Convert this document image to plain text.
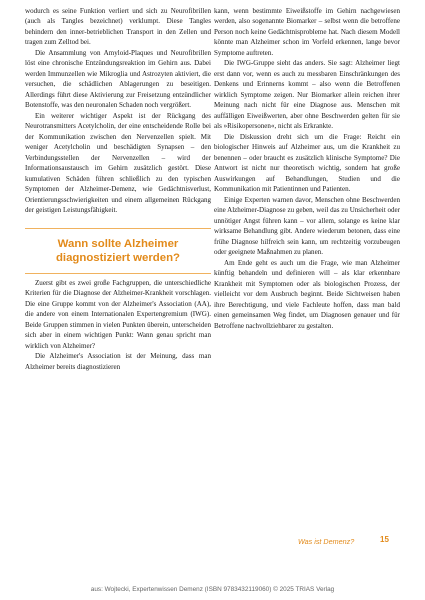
wodurch es seine Funktion verliert und sich zu Neurofibrillen (auch als Tangles bezeichnet) verklumpt. Diese Tangles behindern den inner-betrieblichen Transport in den Zellen und tragen zum Zelltod bei.

Die Ansammlung von Amyloid-Plaques und Neurofibrillen löst eine chronische Entzündungsreaktion im Gehirn aus. Dabei werden Immunzellen wie Mikroglia und Astrozyten aktiviert, die versuchen, die schädlichen Ablagerungen zu beseitigen. Allerdings führt diese Aktivierung zur Freisetzung entzündlicher Botenstoffe, was den neuronalen Schaden noch vergrößert.

Ein weiterer wichtiger Aspekt ist der Rückgang des Neurotransmitters Acetylcholin, der eine entscheidende Rolle bei der Kommunikation zwischen den Nervenzellen spielt. Mit weniger Acetylcholin und beschädigten Synapsen – den Verbindungsstellen der Nervenzellen – wird der Informationsaustausch im Gehirn zusätzlich gestört. Diese kumulativen Schäden führen schließlich zu den typischen Symptomen der Alzheimer-Demenz, wie Gedächtnisverlust, Orientierungsschwierigkeiten und einem allgemeinen Rückgang der geistigen Leistungsfähigkeit.

Wann sollte Alzheimer diagnostiziert werden?

Zuerst gibt es zwei große Fachgruppen, die unterschiedliche Kriterien für die Diagnose der Alzheimer-Krankheit vorschlagen. Die eine Gruppe kommt von der Alzheimer's Association (AA), die andere von einem Internationalen Expertengremium (IWG). Beide Gruppen stimmen in vielen Punkten überein, unterscheiden sich aber in einem wichtigen Punkt: Wann genau spricht man wirklich von Alzheimer?

Die Alzheimer's Association ist der Meinung, dass man Alzheimer bereits diagnostizieren

kann, wenn bestimmte Eiweißstoffe im Gehirn nachgewiesen werden, also sogenannte Biomarker – selbst wenn die betroffene Person noch keine Gedächtnisprobleme hat. Nach diesem Modell könnte man Alzheimer schon im Vorfeld erkennen, lange bevor Symptome auftreten.

Die IWG-Gruppe sieht das anders. Sie sagt: Alzheimer liegt erst dann vor, wenn es auch zu messbaren Einschränkungen des Denkens und Erinnerns kommt – also wenn die Betroffenen wirklich Symptome zeigen. Nur Biomarker allein reichen ihrer Meinung nach nicht für eine Diagnose aus. Menschen mit auffälligen Eiweißwerten, aber ohne Beschwerden gelten für sie als »Risikopersonen«, nicht als Erkrankte.

Die Diskussion dreht sich um die Frage: Reicht ein biologischer Hinweis auf Alzheimer aus, um die Krankheit zu benennen – oder braucht es zusätzlich klinische Symptome? Die Antwort ist nicht nur theoretisch wichtig, sondern hat große Auswirkungen auf Behandlungen, Studien und die Kommunikation mit Patientinnen und Patienten.

Einige Experten warnen davor, Menschen ohne Beschwerden eine Alzheimer-Diagnose zu geben, weil das zu Unsicherheit oder unnötiger Angst führen kann – vor allem, solange es keine klar wirksame Behandlung gibt. Andere wiederum betonen, dass eine frühe Diagnose hilfreich sein kann, um rechtzeitig vorzubeugen oder geeignete Maßnahmen zu planen.

Am Ende geht es auch um die Frage, wie man Alzheimer künftig behandeln und definieren will – als klar erkennbare Krankheit mit Symptomen oder als biologischen Prozess, der vielleicht vor dem Ausbruch beginnt. Beide Sichtweisen haben ihre Berechtigung, und viele Fachleute hoffen, dass man bald einen gemeinsamen Weg findet, um Diagnosen genauer und für Betroffene nachvollziehbarer zu gestalten.

Was ist Demenz?	15
aus: Wojtecki, Expertenwissen Demenz (ISBN 9783432119060) © 2025 TRIAS Verlag
